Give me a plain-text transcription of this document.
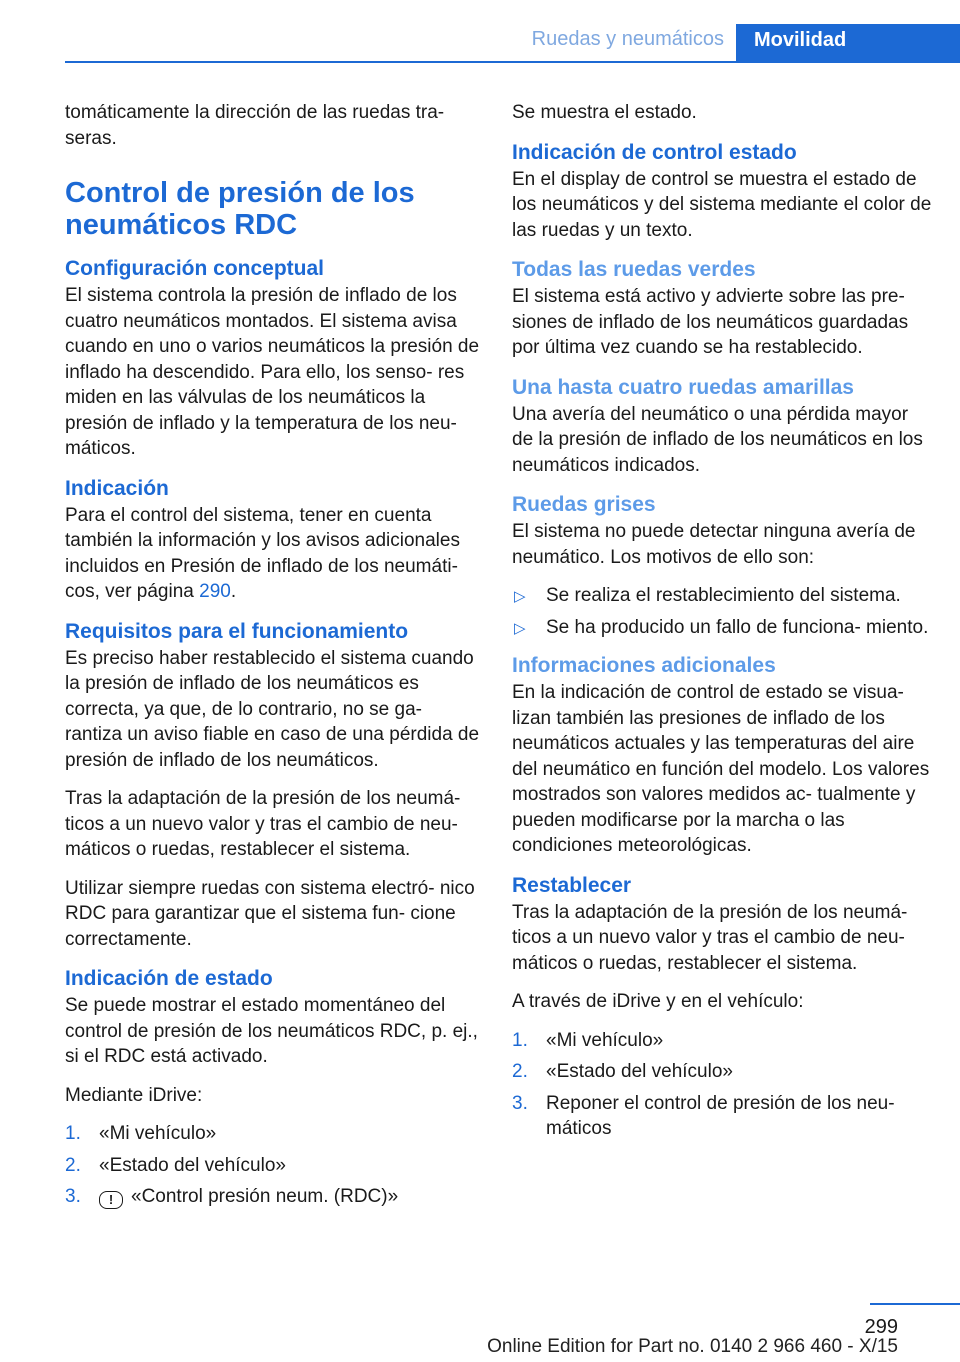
Ruedas y neumáticos Movilidad

tomáticamente la dirección de las ruedas tra‐ seras.

Control de presión de los neumáticos RDC
Configuración conceptual

El sistema controla la presión de inflado de los cuatro neumáticos montados. El sistema avisa cuando en uno o varios neumáticos la presión de inflado ha descendido. Para ello, los senso‐ res miden en las válvulas de los neumáticos la presión de inflado y la temperatura de los neu‐ máticos.

Indicación

Para el control del sistema, tener en cuenta también la información y los avisos adicionales incluidos en Presión de inflado de los neumáti‐ cos, ver página 290.

Requisitos para el funcionamiento

Es preciso haber restablecido el sistema cuando la presión de inflado de los neumáticos es correcta, ya que, de lo contrario, no se ga‐ rantiza un aviso fiable en caso de una pérdida de presión de inflado de los neumáticos.

Tras la adaptación de la presión de los neumá‐ ticos a un nuevo valor y tras el cambio de neu‐ máticos o ruedas, restablecer el sistema.

Utilizar siempre ruedas con sistema electró‐ nico RDC para garantizar que el sistema fun‐ cione correctamente.

Indicación de estado

Se puede mostrar el estado momentáneo del control de presión de los neumáticos RDC, p. ej., si el RDC está activado.

Mediante iDrive:

1. «Mi vehículo»
2. «Estado del vehículo»
3. ! «Control presión neum. (RDC)»

Se muestra el estado.

Indicación de control estado

En el display de control se muestra el estado de los neumáticos y del sistema mediante el color de las ruedas y un texto.

Todas las ruedas verdes

El sistema está activo y advierte sobre las pre‐ siones de inflado de los neumáticos guardadas por última vez cuando se ha restablecido.

Una hasta cuatro ruedas amarillas

Una avería del neumático o una pérdida mayor de la presión de inflado de los neumáticos en los neumáticos indicados.

Ruedas grises

El sistema no puede detectar ninguna avería de neumático. Los motivos de ello son:

▷ Se realiza el restablecimiento del sistema.
▷ Se ha producido un fallo de funciona‐ miento.
Informaciones adicionales

En la indicación de control de estado se visua‐ lizan también las presiones de inflado de los neumáticos actuales y las temperaturas del aire del neumático en función del modelo. Los valores mostrados son valores medidos ac‐ tualmente y pueden modificarse por la marcha o las condiciones meteorológicas.

Restablecer

Tras la adaptación de la presión de los neumá‐ ticos a un nuevo valor y tras el cambio de neu‐ máticos o ruedas, restablecer el sistema.

A través de iDrive y en el vehículo:

1. «Mi vehículo»
2. «Estado del vehículo»
3. Reponer el control de presión de los neu‐ máticos
299
Online Edition for Part no. 0140 2 966 460 - X/15
